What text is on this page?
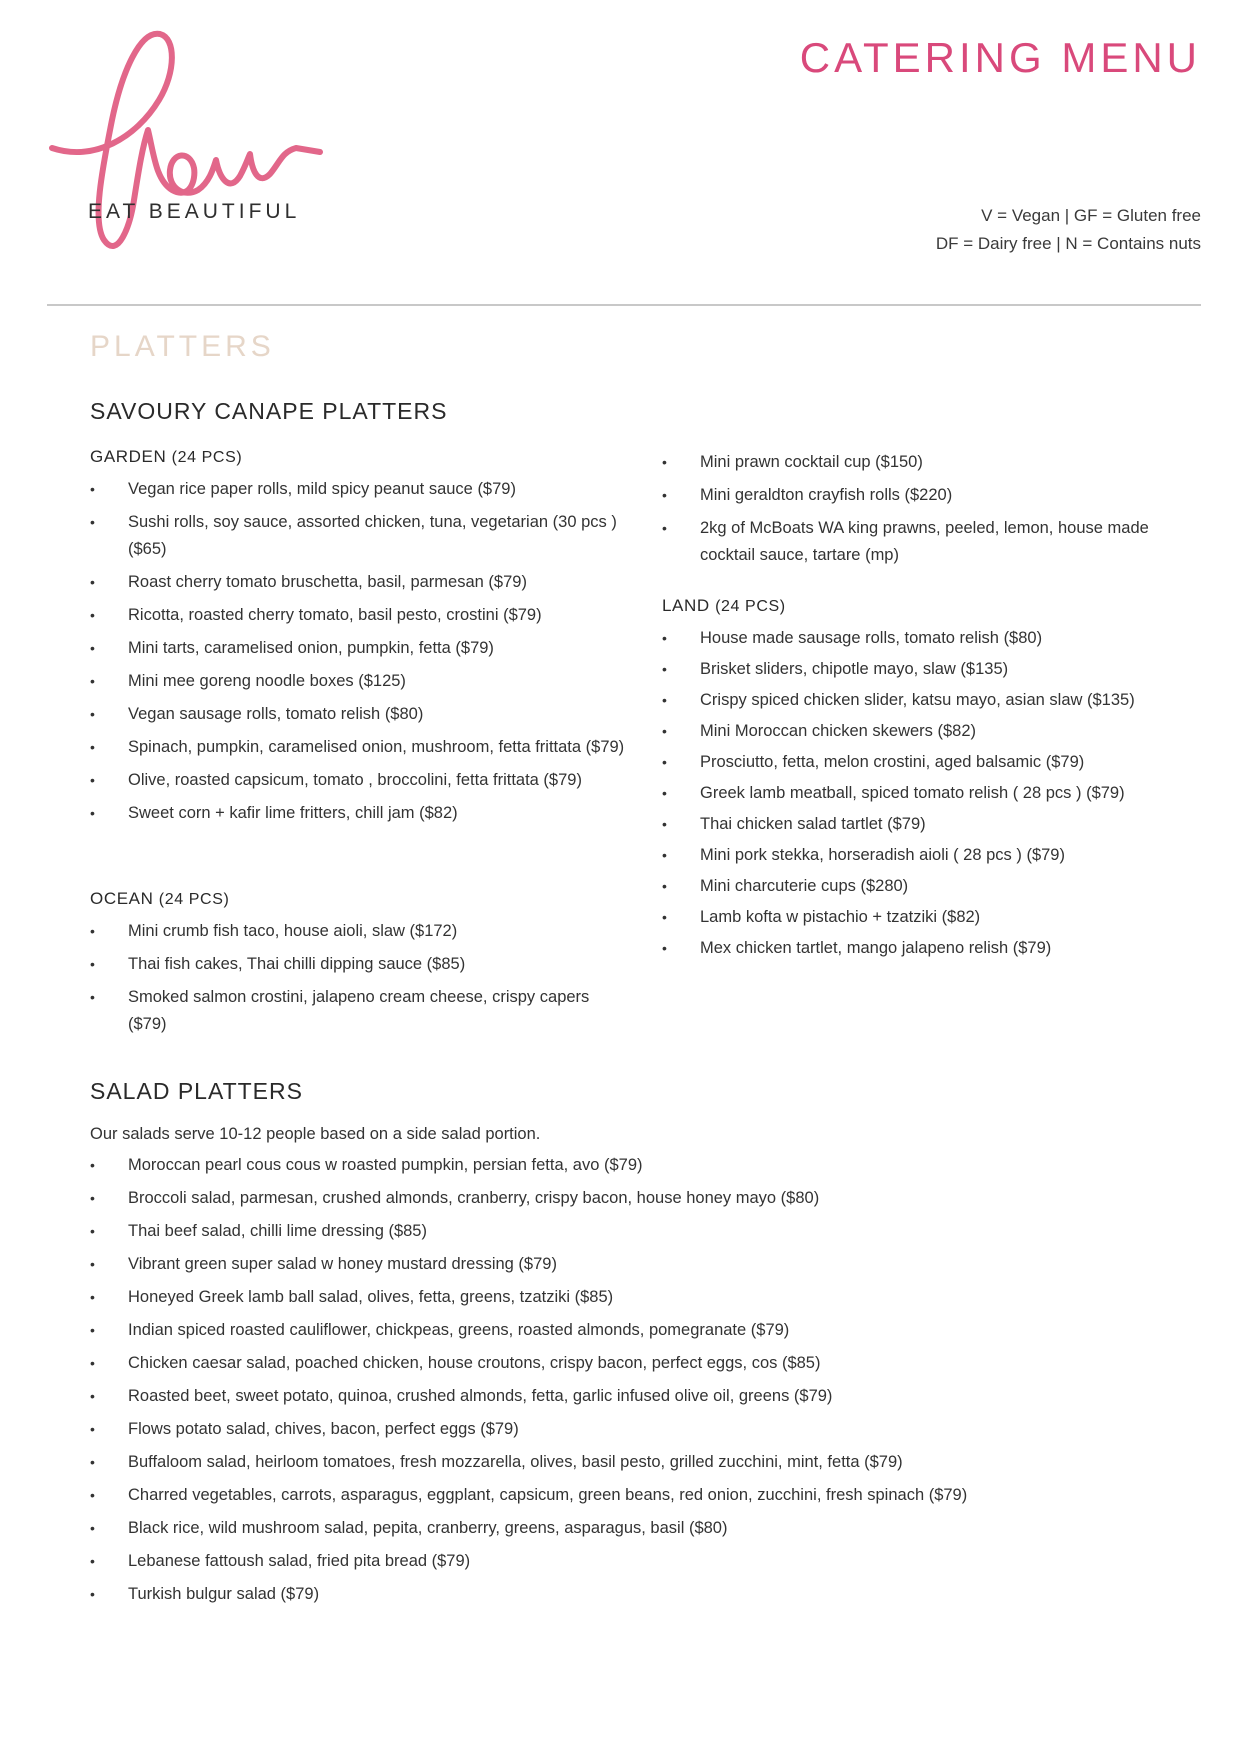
EAT BEAUTIFUL
CATERING MENU
V = Vegan | GF = Gluten free
DF = Dairy free | N = Contains nuts
PLATTERS
SAVOURY CANAPE PLATTERS
GARDEN (24 PCS)
• Vegan rice paper rolls, mild spicy peanut sauce ($79)
• Sushi rolls, soy sauce, assorted chicken, tuna, vegetarian (30 pcs ) ($65)
• Roast cherry tomato bruschetta, basil, parmesan ($79)
• Ricotta, roasted cherry tomato, basil pesto, crostini ($79)
• Mini tarts, caramelised onion, pumpkin, fetta ($79)
• Mini mee goreng noodle boxes ($125)
• Vegan sausage rolls, tomato relish ($80)
• Spinach, pumpkin, caramelised onion, mushroom, fetta frittata ($79)
• Olive, roasted capsicum, tomato , broccolini, fetta frittata ($79)
• Sweet corn + kafir lime fritters, chill jam ($82)
OCEAN (24 PCS)
• Mini crumb fish taco, house aioli, slaw ($172)
• Thai fish cakes, Thai chilli dipping sauce ($85)
• Smoked salmon crostini, jalapeno cream cheese, crispy capers ($79)
• Mini prawn cocktail cup ($150)
• Mini geraldton crayfish rolls ($220)
• 2kg of McBoats WA king prawns, peeled, lemon, house made cocktail sauce, tartare (mp)
LAND (24 PCS)
• House made sausage rolls, tomato relish ($80)
• Brisket sliders, chipotle mayo, slaw ($135)
• Crispy spiced chicken slider, katsu mayo, asian slaw ($135)
• Mini Moroccan chicken skewers ($82)
• Prosciutto, fetta, melon crostini, aged balsamic ($79)
• Greek lamb meatball, spiced tomato relish ( 28 pcs ) ($79)
• Thai chicken salad tartlet ($79)
• Mini pork stekka, horseradish aioli ( 28 pcs ) ($79)
• Mini charcuterie cups ($280)
• Lamb kofta w pistachio + tzatziki ($82)
• Mex chicken tartlet, mango jalapeno relish ($79)
SALAD PLATTERS
Our salads serve 10-12 people based on a side salad portion.
• Moroccan pearl cous cous w roasted pumpkin, persian fetta, avo ($79)
• Broccoli salad, parmesan, crushed almonds, cranberry, crispy bacon, house honey mayo ($80)
• Thai beef salad, chilli lime dressing ($85)
• Vibrant green super salad w honey mustard dressing ($79)
• Honeyed Greek lamb ball salad, olives, fetta, greens, tzatziki ($85)
• Indian spiced roasted cauliflower, chickpeas, greens, roasted almonds, pomegranate ($79)
• Chicken caesar salad, poached chicken, house croutons, crispy bacon, perfect eggs, cos ($85)
• Roasted beet, sweet potato, quinoa, crushed almonds, fetta, garlic infused olive oil, greens ($79)
• Flows potato salad, chives, bacon, perfect eggs ($79)
• Buffaloom salad, heirloom tomatoes, fresh mozzarella, olives, basil pesto, grilled zucchini, mint, fetta ($79)
• Charred vegetables, carrots, asparagus, eggplant, capsicum, green beans, red onion, zucchini, fresh spinach ($79)
• Black rice, wild mushroom salad, pepita, cranberry, greens, asparagus, basil ($80)
• Lebanese fattoush salad, fried pita bread ($79)
• Turkish bulgur salad ($79)
